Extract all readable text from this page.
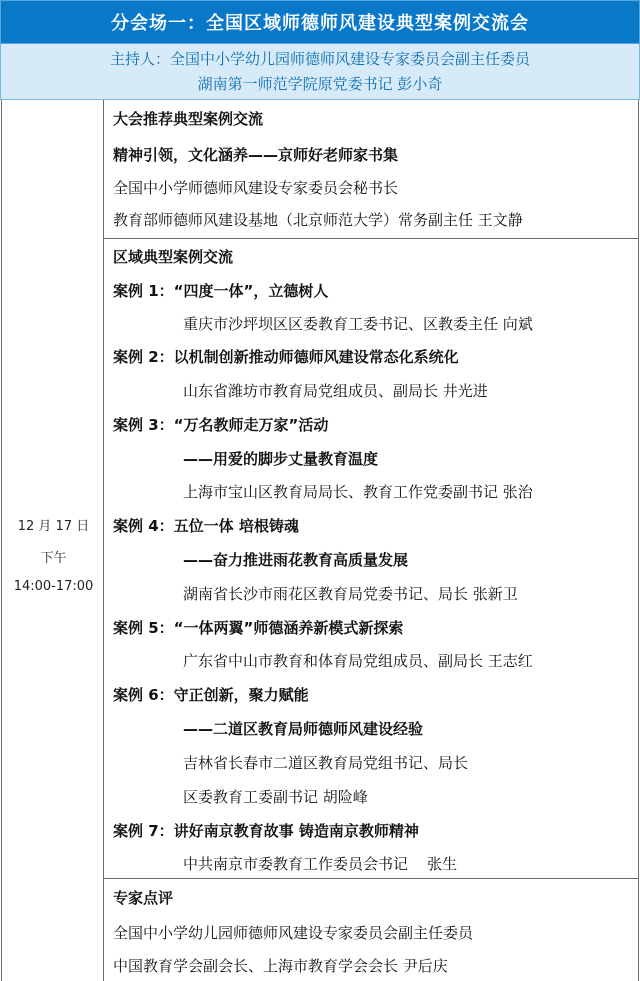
分会场一：全国区域师德师风建设典型案例交流会
主持人：全国中小学幼儿园师德师风建设专家委员会副主任委员
湖南第一师范学院原党委书记 彭小奇
12 月 17 日
下午
14:00-17:00
大会推荐典型案例交流
精神引领，文化涵养——京师好老师家书集
全国中小学师德师风建设专家委员会秘书长
教育部师德师风建设基地（北京师范大学）常务副主任 王文静
区域典型案例交流
案例 1：“四度一体”，立德树人
重庆市沙坪坝区区委教育工委书记、区教委主任 向斌
案例 2：以机制创新推动师德师风建设常态化系统化
山东省潍坊市教育局党组成员、副局长 井光进
案例 3：“万名教师走万家”活动
——用爱的脚步丈量教育温度
上海市宝山区教育局局长、教育工作党委副书记 张治
案例 4：五位一体 培根铸魂
——奋力推进雨花教育高质量发展
湖南省长沙市雨花区教育局党委书记、局长 张新卫
案例 5：“一体两翼”师德涵养新模式新探索
广东省中山市教育和体育局党组成员、副局长 王志红
案例 6：守正创新，聚力赋能
——二道区教育局师德师风建设经验
吉林省长春市二道区教育局党组书记、局长
区委教育工委副书记 胡险峰
案例 7：讲好南京教育故事 铸造南京教师精神
中共南京市委教育工作委员会书记    张生
专家点评
全国中小学幼儿园师德师风建设专家委员会副主任委员
中国教育学会副会长、上海市教育学会会长 尹后庆
